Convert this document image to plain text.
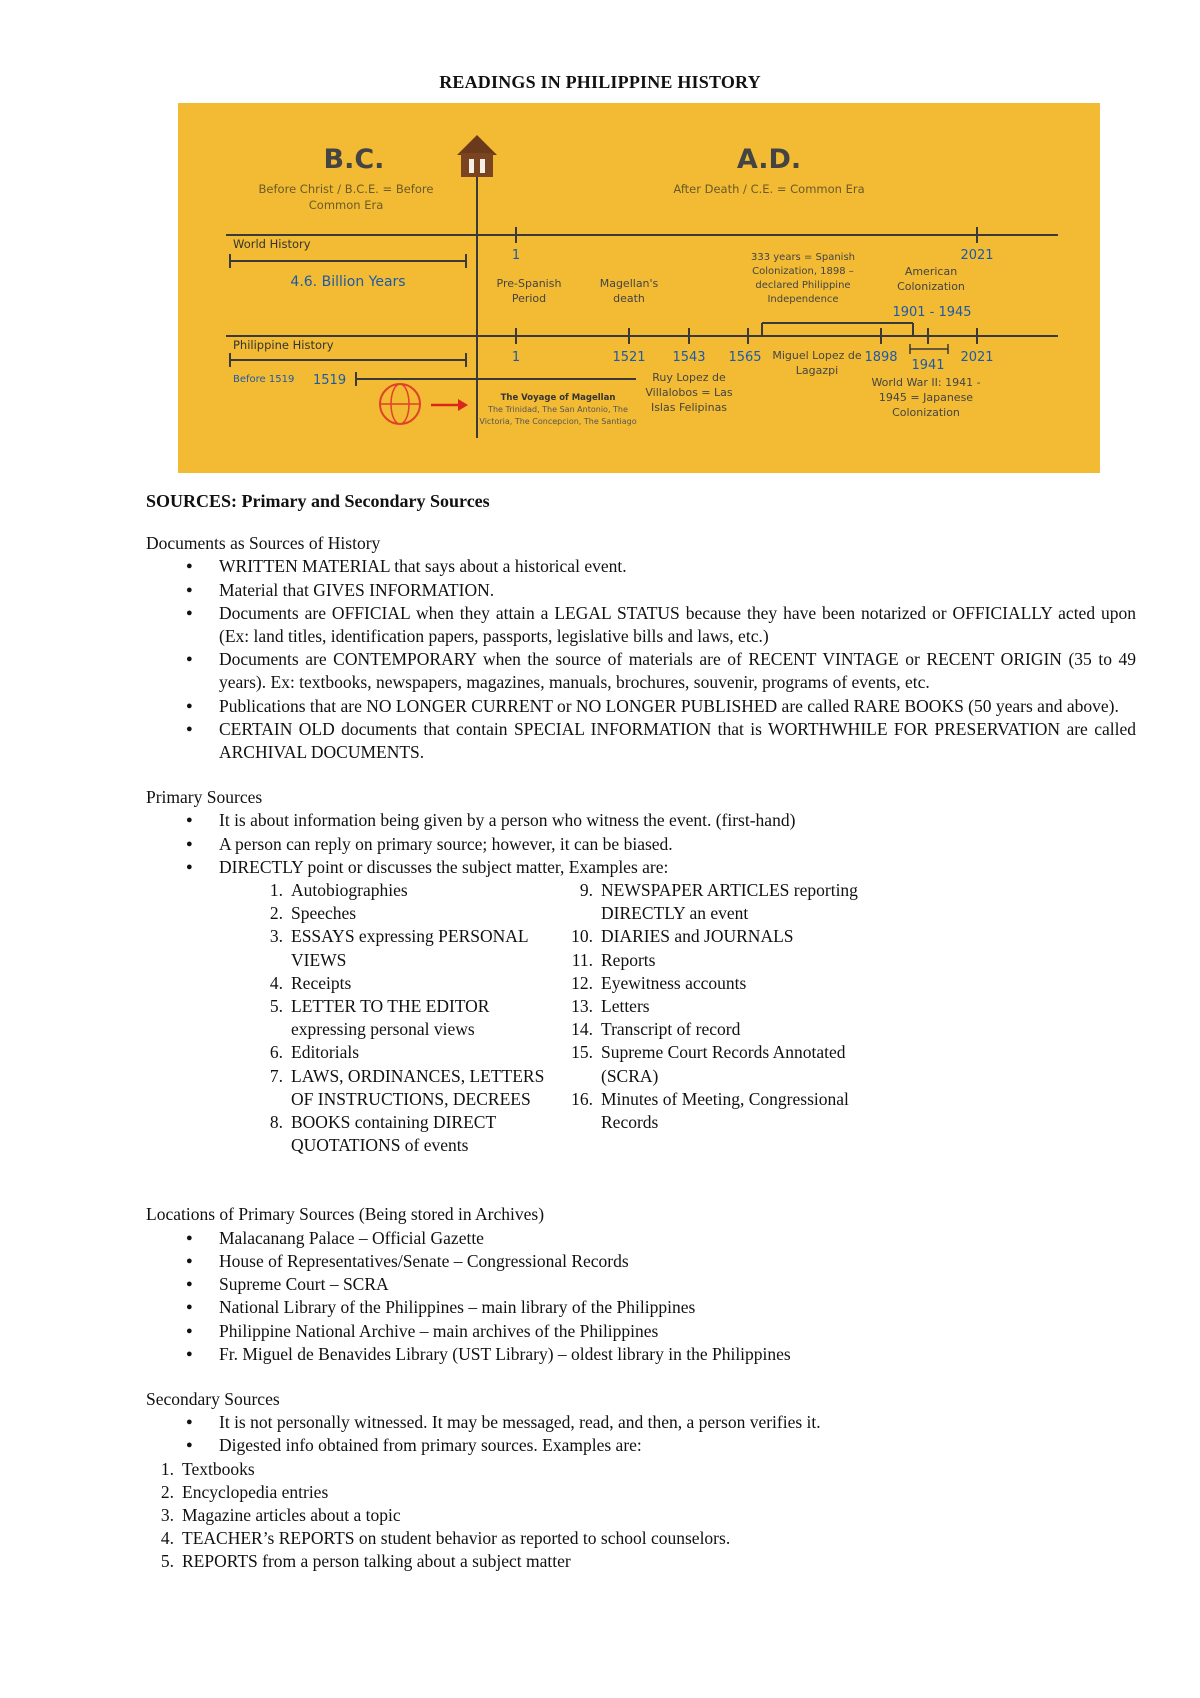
READINGS IN PHILIPPINE HISTORY
B.C.
Before Christ / B.C.E. = Before
Common Era
A.D.
After Death / C.E. = Common Era
World History
4.6. Billion Years
1
Pre-Spanish
Period
Magellan's
death
333 years = Spanish
Colonization, 1898 –
declared Philippine
Independence
American
Colonization
2021
1901 - 1945
Philippine History
Before 1519 1519
1	1521 1543 1565 Miguel Lopez de
Lagazpi
1898
1941
2021
Ruy Lopez de
Villalobos = Las
Islas Felipinas
World War II: 1941 -
1945 = Japanese
Colonization
The Voyage of Magellan
The Trinidad, The San Antonio, The
Victoria, The Concepcion, The Santiago
SOURCES: Primary and Secondary Sources
Documents as Sources of History
● WRITTEN MATERIAL that says about a historical event.
● Material that GIVES INFORMATION.
● Documents are OFFICIAL when they attain a LEGAL STATUS because they have been notarized or OFFICIALLY acted upon (Ex: land titles, identification papers, passports, legislative bills and laws, etc.)
● Documents are CONTEMPORARY when the source of materials are of RECENT VINTAGE or RECENT ORIGIN (35 to 49 years). Ex: textbooks, newspapers, magazines, manuals, brochures, souvenir, programs of events, etc.
● Publications that are NO LONGER CURRENT or NO LONGER PUBLISHED are called RARE BOOKS (50 years and above).
● CERTAIN OLD documents that contain SPECIAL INFORMATION that is WORTHWHILE FOR PRESERVATION are called ARCHIVAL DOCUMENTS.
Primary Sources
● It is about information being given by a person who witness the event. (first-hand)
● A person can reply on primary source; however, it can be biased.
● DIRECTLY point or discusses the subject matter, Examples are:
1. Autobiographies
2. Speeches
3. ESSAYS expressing PERSONAL
VIEWS
4. Receipts
5. LETTER TO THE EDITOR
expressing personal views
6. Editorials
7. LAWS, ORDINANCES, LETTERS
OF INSTRUCTIONS, DECREES
8. BOOKS containing DIRECT
QUOTATIONS of events
9. NEWSPAPER ARTICLES reporting
DIRECTLY an event
10. DIARIES and JOURNALS
11. Reports
12. Eyewitness accounts
13. Letters
14. Transcript of record
15. Supreme Court Records Annotated
(SCRA)
16. Minutes of Meeting, Congressional
Records
Locations of Primary Sources (Being stored in Archives)
● Malacanang Palace – Official Gazette
● House of Representatives/Senate – Congressional Records
● Supreme Court – SCRA
● National Library of the Philippines – main library of the Philippines
● Philippine National Archive – main archives of the Philippines
● Fr. Miguel de Benavides Library (UST Library) – oldest library in the Philippines
Secondary Sources
● It is not personally witnessed. It may be messaged, read, and then, a person verifies it.
● Digested info obtained from primary sources. Examples are:
1. Textbooks
2. Encyclopedia entries
3. Magazine articles about a topic
4. TEACHER’s REPORTS on student behavior as reported to school counselors.
5. REPORTS from a person talking about a subject matter
